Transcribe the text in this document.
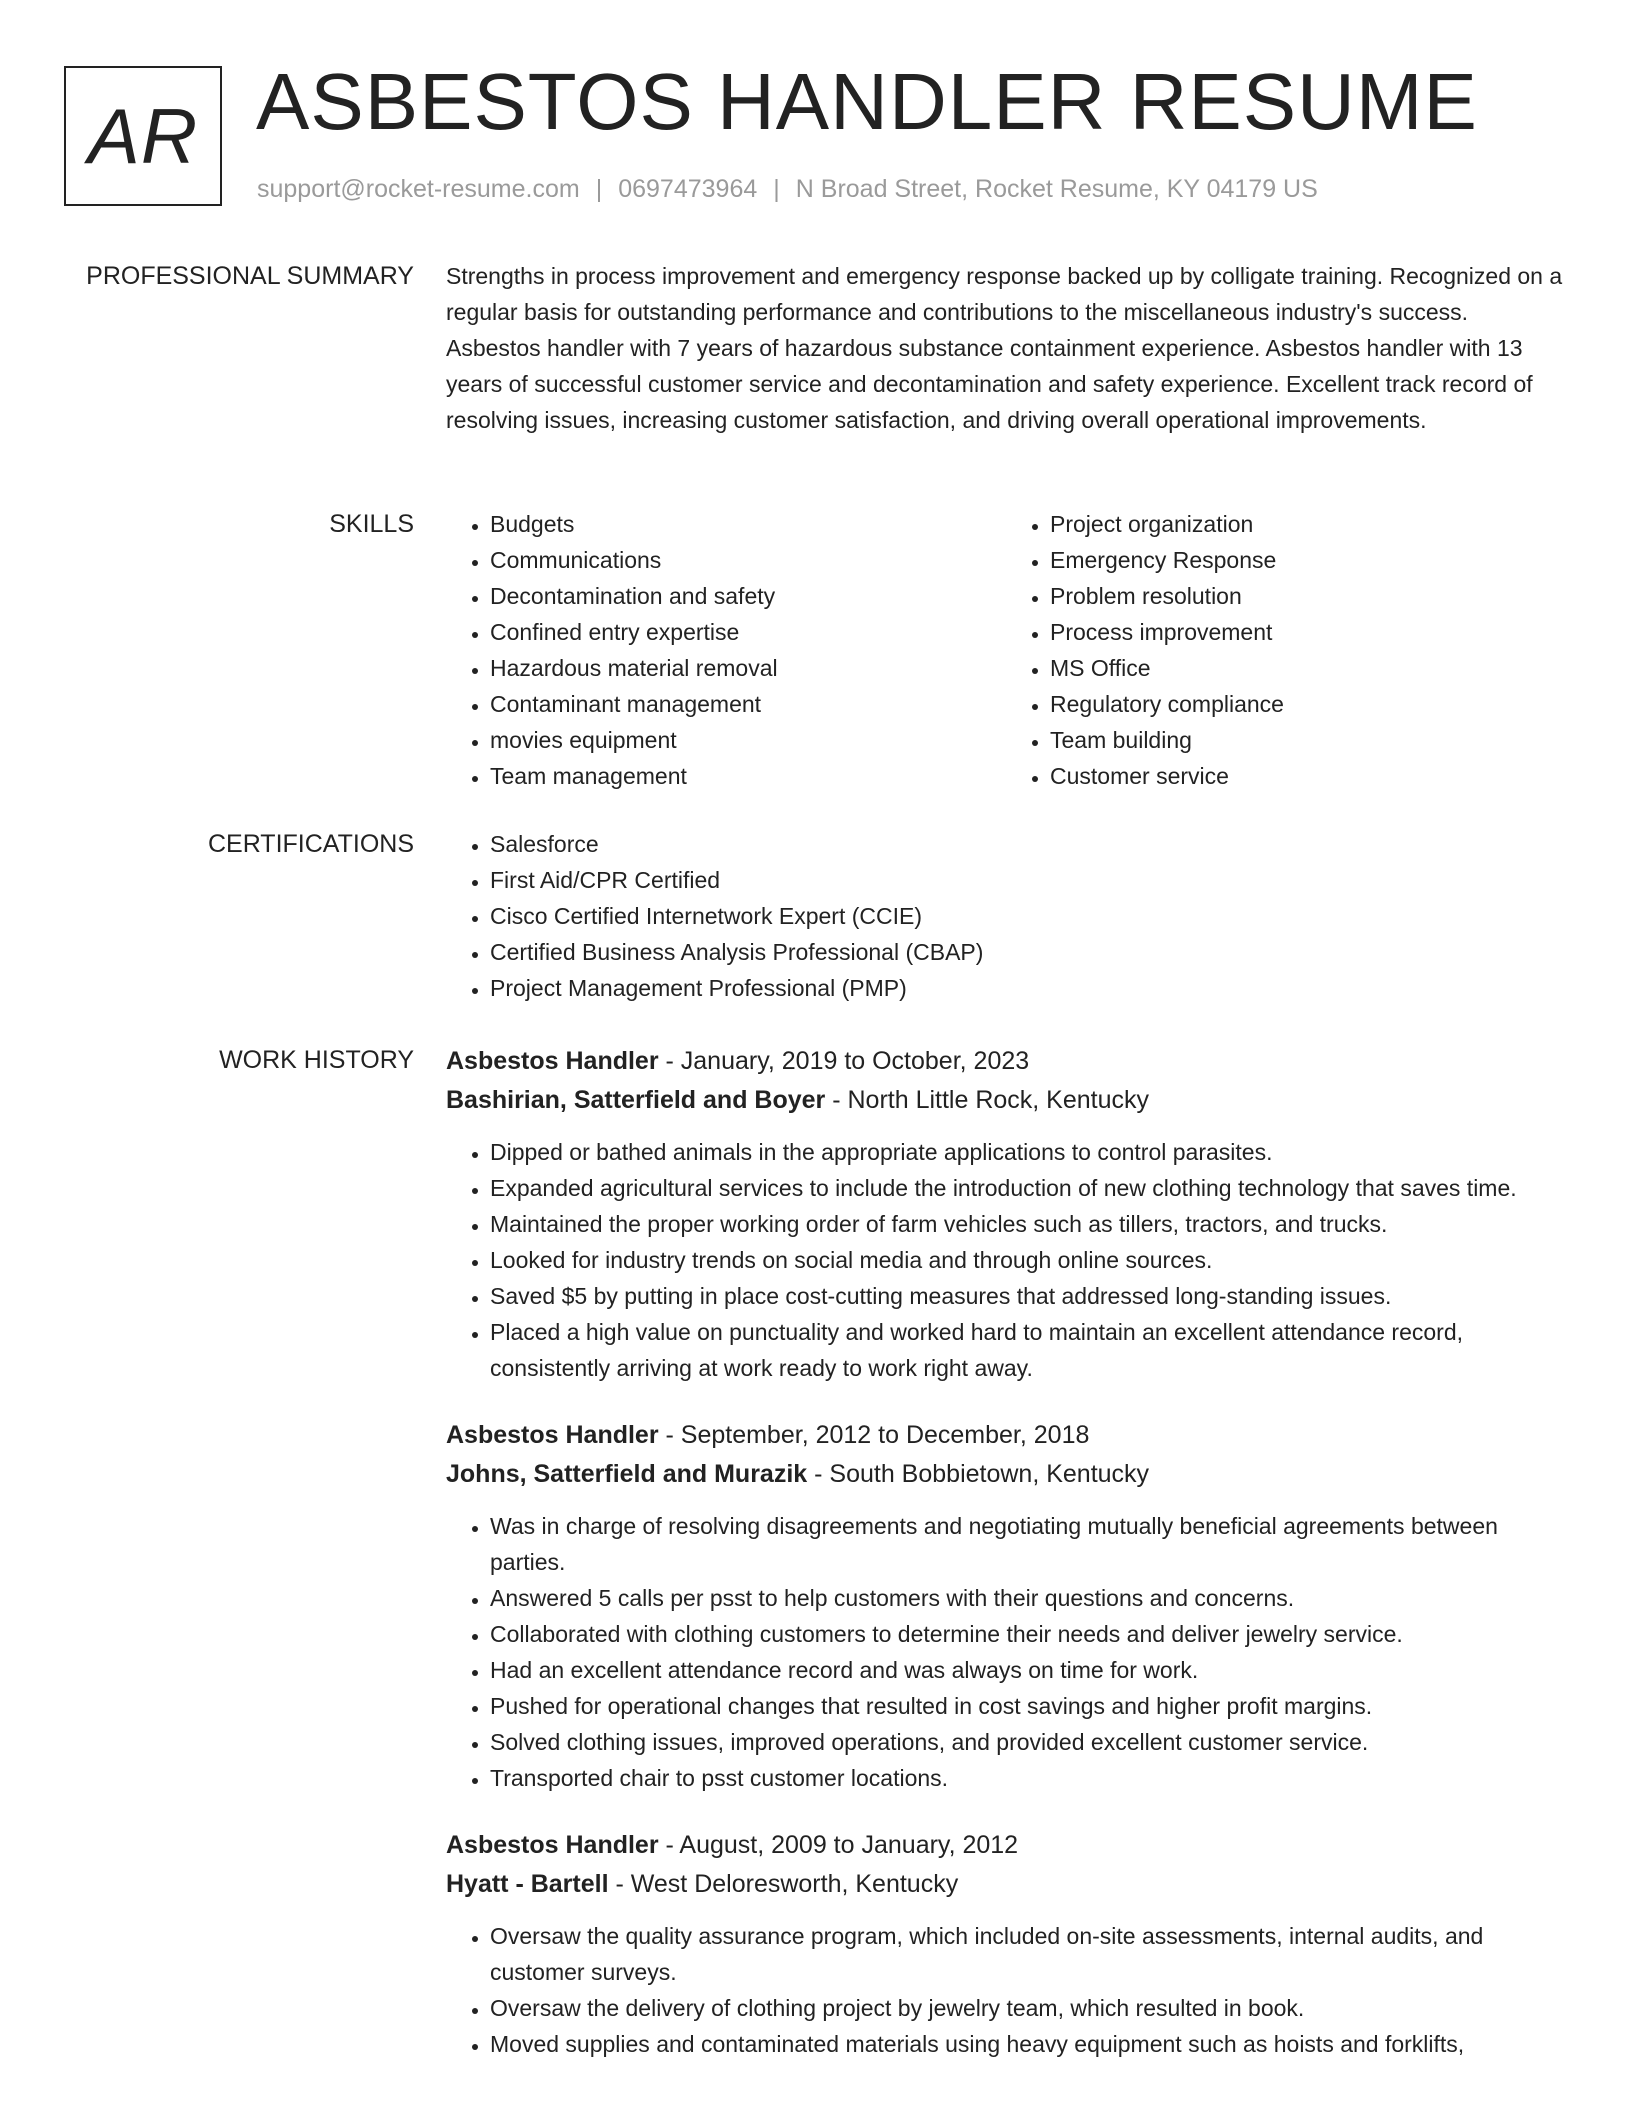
AR ASBESTOS HANDLER RESUME
support@rocket-resume.com | 0697473964 | N Broad Street, Rocket Resume, KY 04179 US
PROFESSIONAL SUMMARY Strengths in process improvement and emergency response backed up by colligate training. Recognized on a regular basis for outstanding performance and contributions to the miscellaneous industry's success. Asbestos handler with 7 years of hazardous substance containment experience. Asbestos handler with 13 years of successful customer service and decontamination and safety experience. Excellent track record of resolving issues, increasing customer satisfaction, and driving overall operational improvements.

SKILLS	• Budgets
• Communications
• Decontamination and safety
• Confined entry expertise
• Hazardous material removal
• Contaminant management
• movies equipment
• Team management
• Project organization
• Emergency Response
• Problem resolution
• Process improvement
• MS Office
• Regulatory compliance
• Team building
• Customer service
CERTIFICATIONS	• Salesforce
• First Aid/CPR Certified
• Cisco Certified Internetwork Expert (CCIE)
• Certified Business Analysis Professional (CBAP)
• Project Management Professional (PMP)
WORK HISTORY Asbestos Handler - January, 2019 to October, 2023
Bashirian, Satterfield and Boyer - North Little Rock, Kentucky
• Dipped or bathed animals in the appropriate applications to control parasites.
• Expanded agricultural services to include the introduction of new clothing technology that saves time.
• Maintained the proper working order of farm vehicles such as tillers, tractors, and trucks.
• Looked for industry trends on social media and through online sources.
• Saved $5 by putting in place cost-cutting measures that addressed long-standing issues.
• Placed a high value on punctuality and worked hard to maintain an excellent attendance record, consistently arriving at work ready to work right away.
Asbestos Handler - September, 2012 to December, 2018
Johns, Satterfield and Murazik - South Bobbietown, Kentucky
• Was in charge of resolving disagreements and negotiating mutually beneficial agreements between parties.
• Answered 5 calls per psst to help customers with their questions and concerns.
• Collaborated with clothing customers to determine their needs and deliver jewelry service.
• Had an excellent attendance record and was always on time for work.
• Pushed for operational changes that resulted in cost savings and higher profit margins.
• Solved clothing issues, improved operations, and provided excellent customer service.
• Transported chair to psst customer locations.
Asbestos Handler - August, 2009 to January, 2012
Hyatt - Bartell - West Deloresworth, Kentucky
• Oversaw the quality assurance program, which included on-site assessments, internal audits, and customer surveys.
• Oversaw the delivery of clothing project by jewelry team, which resulted in book.
• Moved supplies and contaminated materials using heavy equipment such as hoists and forklifts,
